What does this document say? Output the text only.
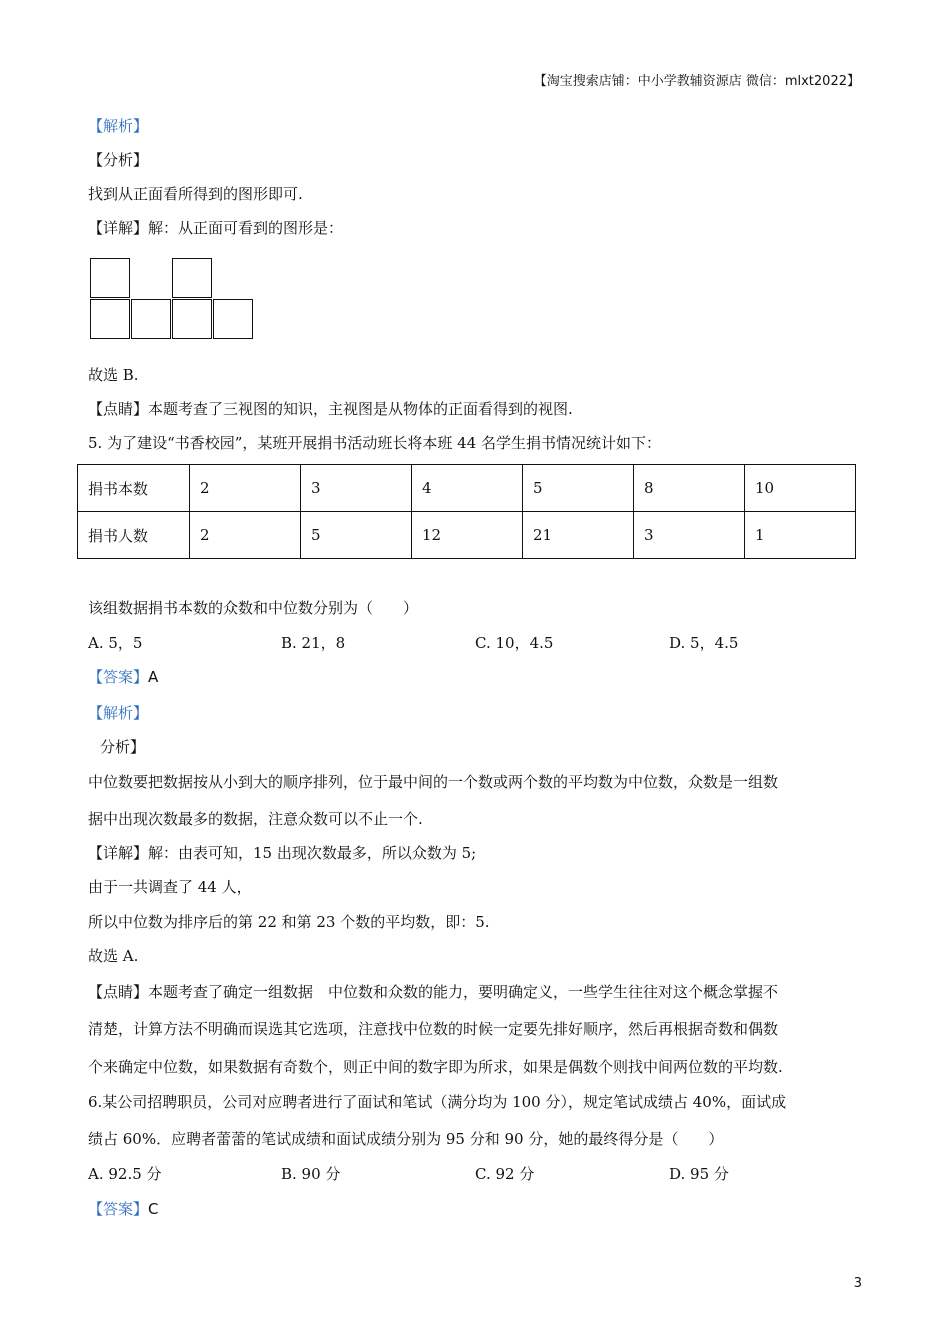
【淘宝搜索店铺：中小学教辅资源店 微信：mlxt2022】
【解析】
【分析】
找到从正面看所得到的图形即可.
【详解】解：从正面可看到的图形是：
故选 B.
【点睛】本题考查了三视图的知识，主视图是从物体的正面看得到的视图.
5. 为了建设“书香校园”，某班开展捐书活动班长将本班 44 名学生捐书情况统计如下：
捐书本数	2	3	4	5	8	10
捐书人数	2	5	12	21	3	1
该组数据捐书本数的众数和中位数分别为（　　）
A. 5，5	B. 21，8	C. 10，4.5	D. 5，4.5
【答案】A
【解析】
分析】
中位数要把数据按从小到大的顺序排列，位于最中间的一个数或两个数的平均数为中位数，众数是一组数
据中出现次数最多的数据，注意众数可以不止一个.
【详解】解：由表可知，15 出现次数最多，所以众数为 5;
由于一共调查了 44 人，
所以中位数为排序后的第 22 和第 23 个数的平均数，即：5.
故选 A.
【点睛】本题考查了确定一组数据　中位数和众数的能力，要明确定义，一些学生往往对这个概念掌握不
清楚，计算方法不明确而误选其它选项，注意找中位数的时候一定要先排好顺序，然后再根据奇数和偶数
个来确定中位数，如果数据有奇数个，则正中间的数字即为所求，如果是偶数个则找中间两位数的平均数.
6.某公司招聘职员，公司对应聘者进行了面试和笔试（满分均为 100 分），规定笔试成绩占 40%，面试成
绩占 60%．应聘者蕾蕾的笔试成绩和面试成绩分别为 95 分和 90 分，她的最终得分是（　　）
A. 92.5 分	B. 90 分	C. 92 分	D. 95 分
【答案】C
3
